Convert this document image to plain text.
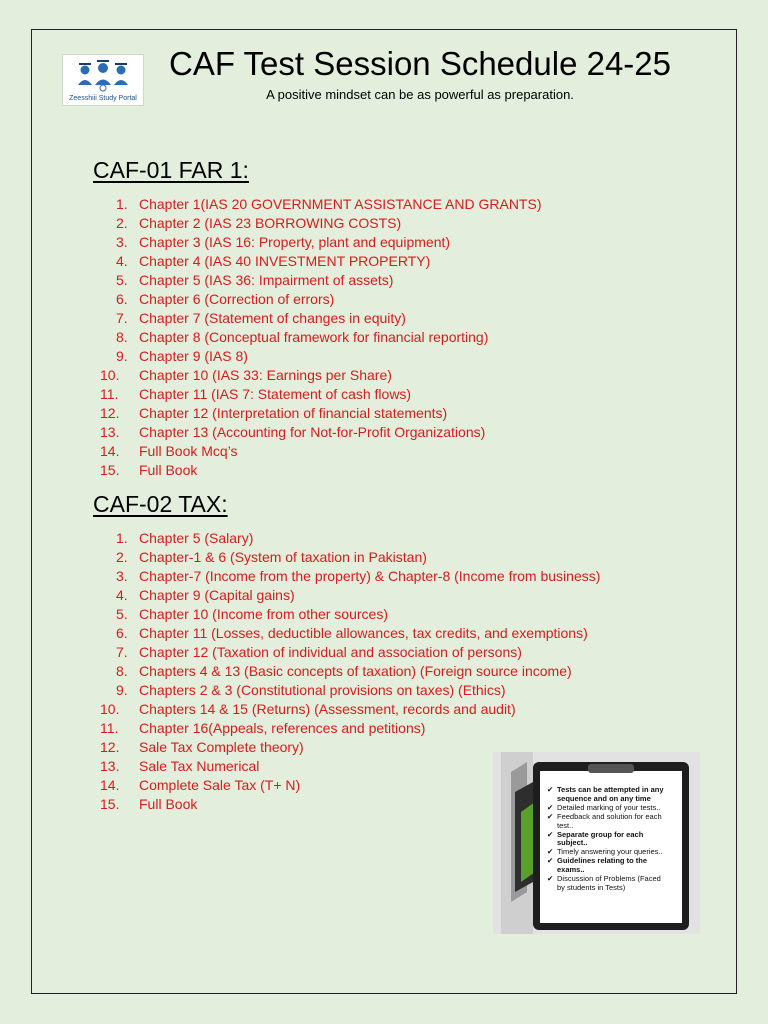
Zeesshiii Study Portal
CAF Test Session Schedule 24-25
A positive mindset can be as powerful as preparation.
CAF-01 FAR 1:
1. Chapter 1(IAS 20 GOVERNMENT ASSISTANCE AND GRANTS)
2. Chapter 2 (IAS 23 BORROWING COSTS)
3. Chapter 3 (IAS 16: Property, plant and equipment)
4. Chapter 4 (IAS 40 INVESTMENT PROPERTY)
5. Chapter 5 (IAS 36: Impairment of assets)
6. Chapter 6 (Correction of errors)
7. Chapter 7 (Statement of changes in equity)
8. Chapter 8 (Conceptual framework for financial reporting)
9. Chapter 9 (IAS 8)
10.	Chapter 10 (IAS 33: Earnings per Share)
11.	Chapter 11 (IAS 7: Statement of cash flows)
12.	Chapter 12 (Interpretation of financial statements)
13.	Chapter 13 (Accounting for Not-for-Profit Organizations)
14.	Full Book Mcq’s
15.	Full Book
CAF-02 TAX:
1. Chapter 5 (Salary)
2. Chapter-1 & 6 (System of taxation in Pakistan)
3. Chapter-7 (Income from the property) & Chapter-8 (Income from business)
4. Chapter 9 (Capital gains)
5. Chapter 10 (Income from other sources)
6. Chapter 11 (Losses, deductible allowances, tax credits, and exemptions)
7. Chapter 12 (Taxation of individual and association of persons)
8. Chapters 4 & 13 (Basic concepts of taxation) (Foreign source income)
9. Chapters 2 & 3 (Constitutional provisions on taxes) (Ethics)
10.	Chapters 14 & 15 (Returns) (Assessment, records and audit)
11.	Chapter 16(Appeals, references and petitions)
12.	Sale Tax Complete theory)
13.	Sale Tax Numerical
14.	Complete Sale Tax (T+ N)
15.	Full Book
✔ Tests can be attempted in any sequence and on any time
✔ Detailed marking of your tests..
✔ Feedback and solution for each test..
✔ Separate group for each subject..
✔ Timely answering your queries..
✔ Guidelines relating to the exams..
✔ Discussion of Problems (Faced by students in Tests)
